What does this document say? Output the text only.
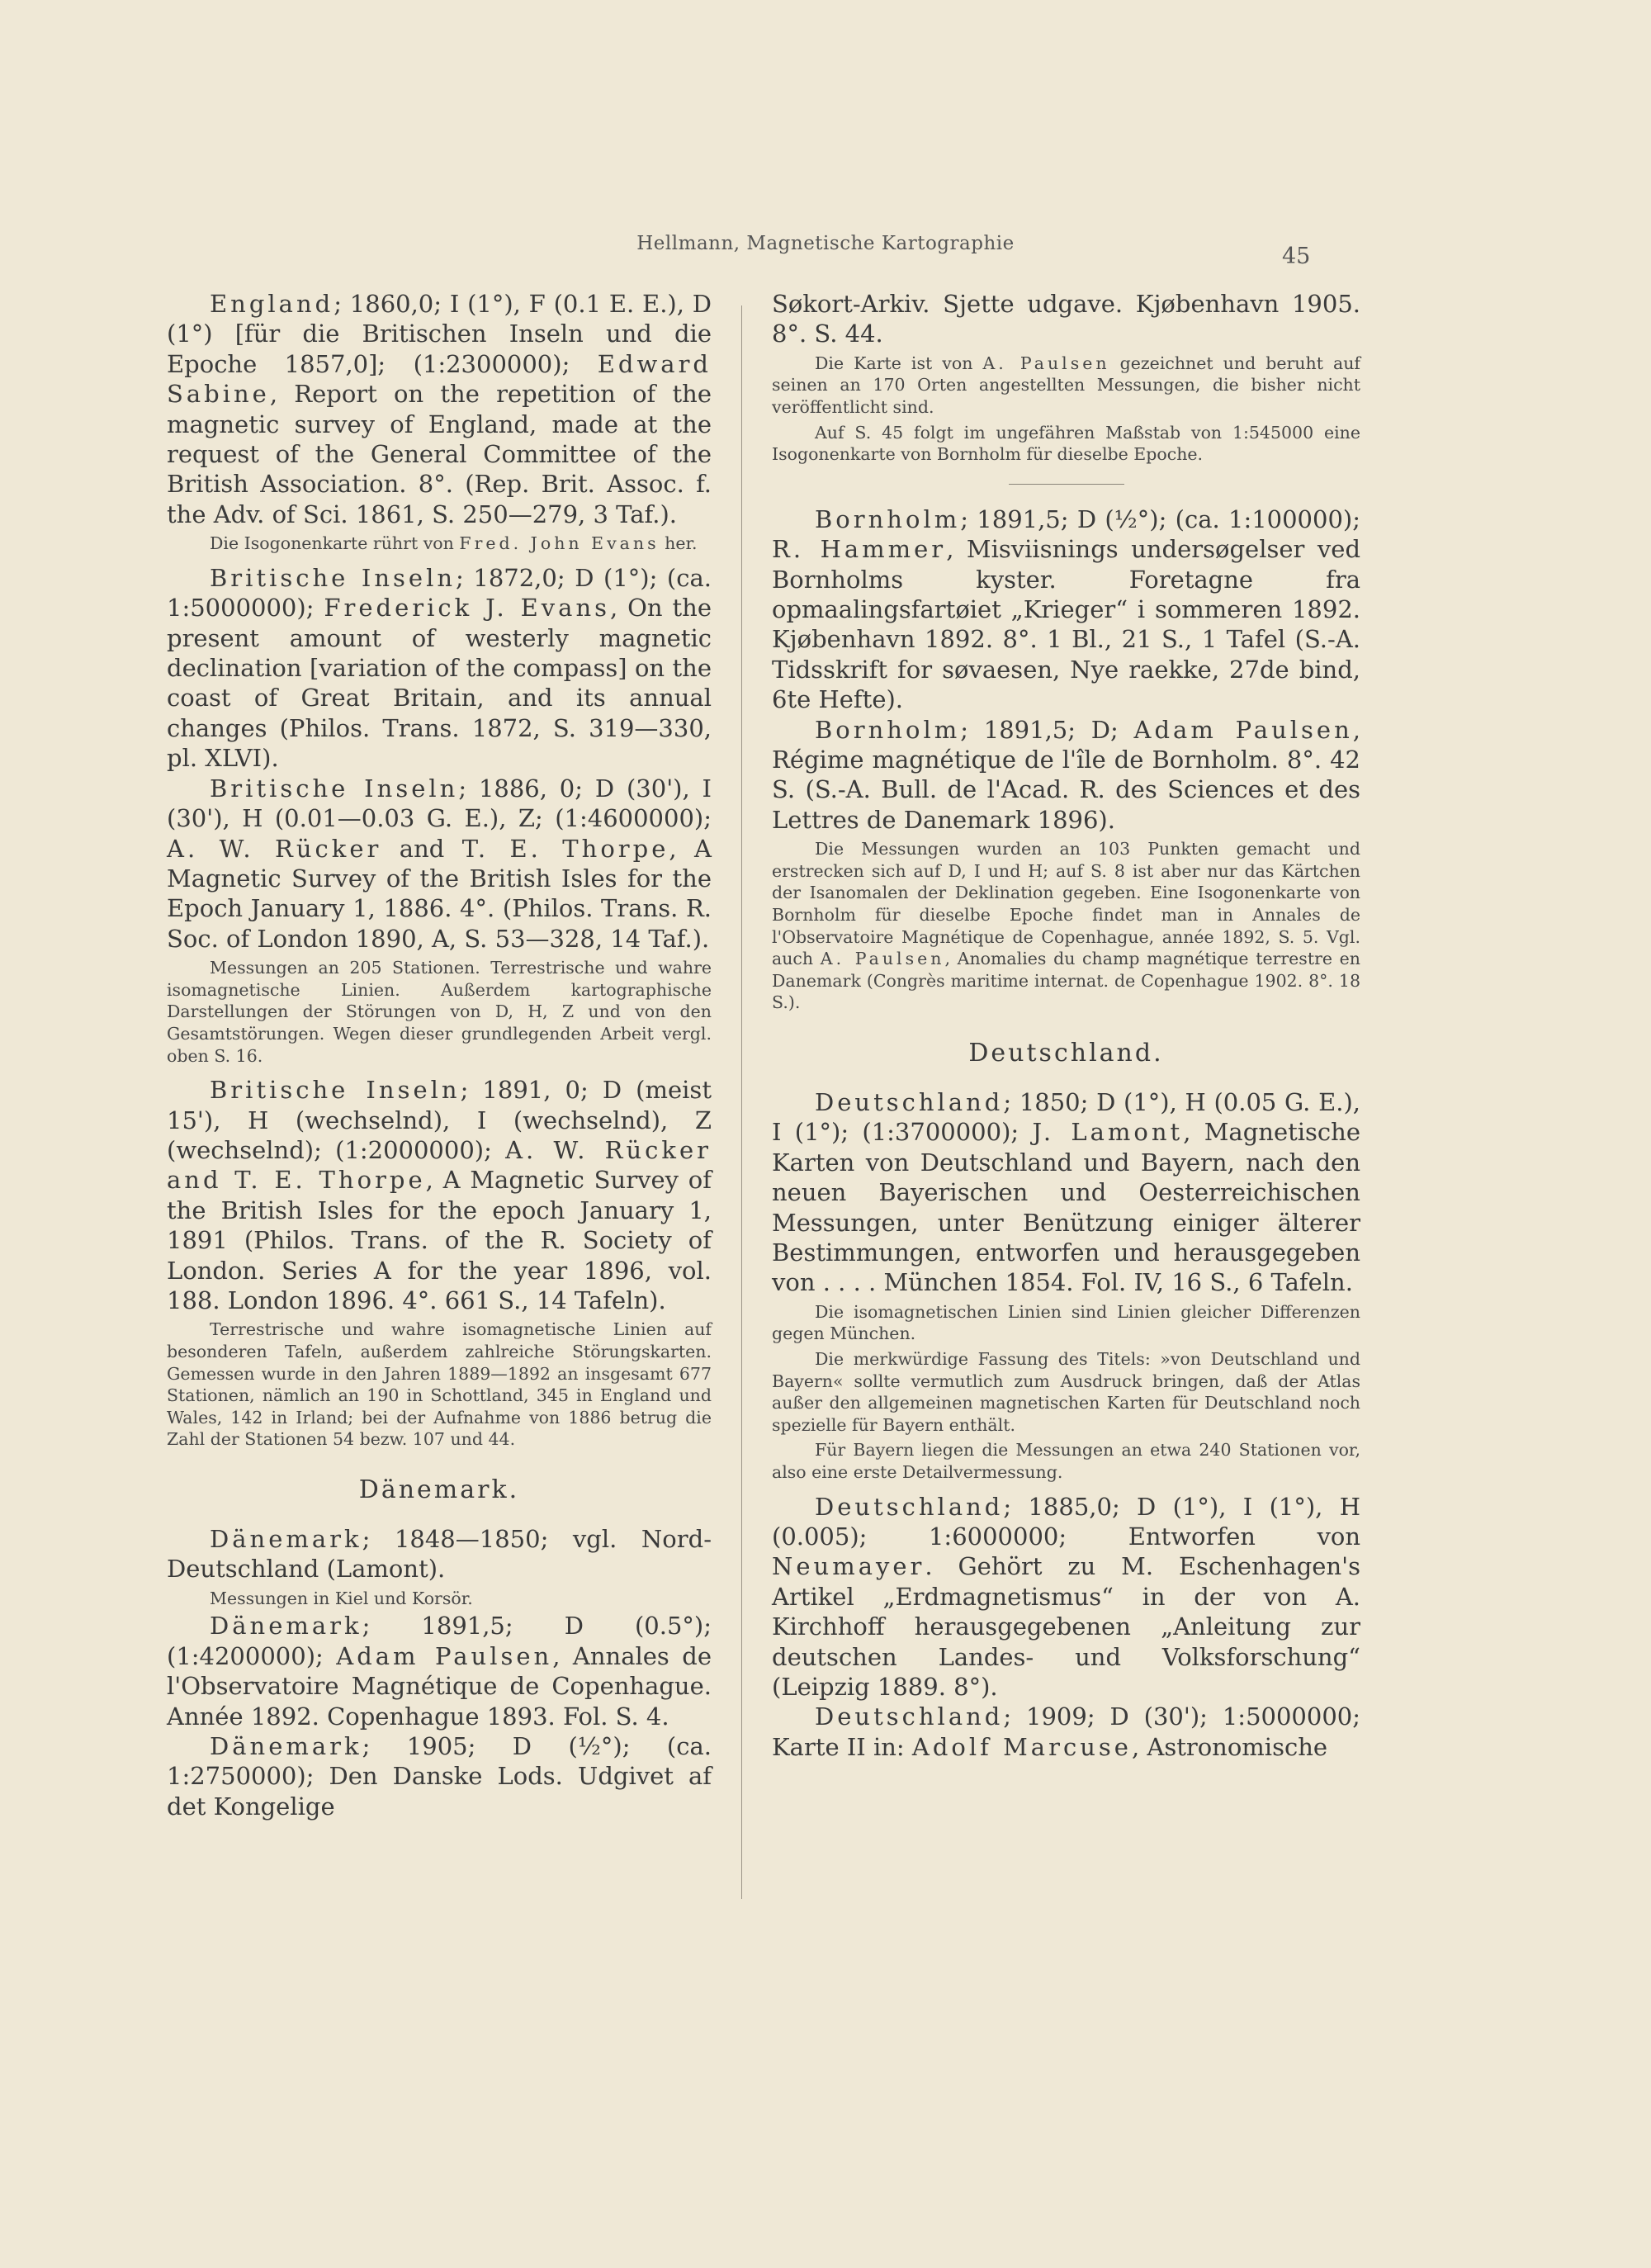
Hellmann, Magnetische Kartographie	45

England; 1860,0; I (1°), F (0.1 E. E.), D (1°) [für die Britischen Inseln und die Epoche 1857,0]; (1:2300000); Edward Sabine, Report on the repetition of the magnetic survey of England, made at the request of the General Committee of the British Association. 8°. (Rep. Brit. Assoc. f. the Adv. of Sci. 1861, S. 250—279, 3 Taf.).

Die Isogonenkarte rührt von Fred. John Evans her.

Britische Inseln; 1872,0; D (1°); (ca. 1:5000000); Frederick J. Evans, On the present amount of westerly magnetic declination [variation of the compass] on the coast of Great Britain, and its annual changes (Philos. Trans. 1872, S. 319—330, pl. XLVI).

Britische Inseln; 1886, 0; D (30'), I (30'), H (0.01—0.03 G. E.), Z; (1:4600000); A. W. Rücker and T. E. Thorpe, A Magnetic Survey of the British Isles for the Epoch January 1, 1886. 4°. (Philos. Trans. R. Soc. of London 1890, A, S. 53—328, 14 Taf.).

Messungen an 205 Stationen. Terrestrische und wahre isomagnetische Linien. Außerdem kartographische Darstellungen der Störungen von D, H, Z und von den Gesamtstörungen. Wegen dieser grundlegenden Arbeit vergl. oben S. 16.

Britische Inseln; 1891, 0; D (meist 15'), H (wechselnd), I (wechselnd), Z (wechselnd); (1:2000000); A. W. Rücker and T. E. Thorpe, A Magnetic Survey of the British Isles for the epoch January 1, 1891 (Philos. Trans. of the R. Society of London. Series A for the year 1896, vol. 188. London 1896. 4°. 661 S., 14 Tafeln).

Terrestrische und wahre isomagnetische Linien auf besonderen Tafeln, außerdem zahlreiche Störungskarten. Gemessen wurde in den Jahren 1889—1892 an insgesamt 677 Stationen, nämlich an 190 in Schottland, 345 in England und Wales, 142 in Irland; bei der Aufnahme von 1886 betrug die Zahl der Stationen 54 bezw. 107 und 44.

Dänemark.

Dänemark; 1848—1850; vgl. Nord-Deutschland (Lamont).

Messungen in Kiel und Korsör.

Dänemark; 1891,5; D (0.5°); (1:4200000); Adam Paulsen, Annales de l'Observatoire Magnétique de Copenhague. Année 1892. Copenhague 1893. Fol. S. 4.

Dänemark; 1905; D (½°); (ca. 1:2750000); Den Danske Lods. Udgivet af det Kongelige

Søkort-Arkiv. Sjette udgave. Kjøbenhavn 1905. 8°. S. 44.

Die Karte ist von A. Paulsen gezeichnet und beruht auf seinen an 170 Orten angestellten Messungen, die bisher nicht veröffentlicht sind.

Auf S. 45 folgt im ungefähren Maßstab von 1:545000 eine Isogonenkarte von Bornholm für dieselbe Epoche.

Bornholm; 1891,5; D (½°); (ca. 1:100000); R. Hammer, Misviisnings undersøgelser ved Bornholms kyster. Foretagne fra opmaalingsfartøiet „Krieger“ i sommeren 1892. Kjøbenhavn 1892. 8°. 1 Bl., 21 S., 1 Tafel (S.-A. Tidsskrift for søvaesen, Nye raekke, 27de bind, 6te Hefte).

Bornholm; 1891,5; D; Adam Paulsen, Régime magnétique de l'île de Bornholm. 8°. 42 S. (S.-A. Bull. de l'Acad. R. des Sciences et des Lettres de Danemark 1896).

Die Messungen wurden an 103 Punkten gemacht und erstrecken sich auf D, I und H; auf S. 8 ist aber nur das Kärtchen der Isanomalen der Deklination gegeben. Eine Isogonenkarte von Bornholm für dieselbe Epoche findet man in Annales de l'Observatoire Magnétique de Copenhague, année 1892, S. 5. Vgl. auch A. Paulsen, Anomalies du champ magnétique terrestre en Danemark (Congrès maritime internat. de Copenhague 1902. 8°. 18 S.).

Deutschland.

Deutschland; 1850; D (1°), H (0.05 G. E.), I (1°); (1:3700000); J. Lamont, Magnetische Karten von Deutschland und Bayern, nach den neuen Bayerischen und Oesterreichischen Messungen, unter Benützung einiger älterer Bestimmungen, entworfen und herausgegeben von . . . . München 1854. Fol. IV, 16 S., 6 Tafeln.

Die isomagnetischen Linien sind Linien gleicher Differenzen gegen München.

Die merkwürdige Fassung des Titels: »von Deutschland und Bayern« sollte vermutlich zum Ausdruck bringen, daß der Atlas außer den allgemeinen magnetischen Karten für Deutschland noch spezielle für Bayern enthält.

Für Bayern liegen die Messungen an etwa 240 Stationen vor, also eine erste Detailvermessung.

Deutschland; 1885,0; D (1°), I (1°), H (0.005); 1:6000000; Entworfen von Neumayer. Gehört zu M. Eschenhagen's Artikel „Erdmagnetismus“ in der von A. Kirchhoff herausgegebenen „Anleitung zur deutschen Landes- und Volksforschung“ (Leipzig 1889. 8°).

Deutschland; 1909; D (30'); 1:5000000; Karte II in: Adolf Marcuse, Astronomische
